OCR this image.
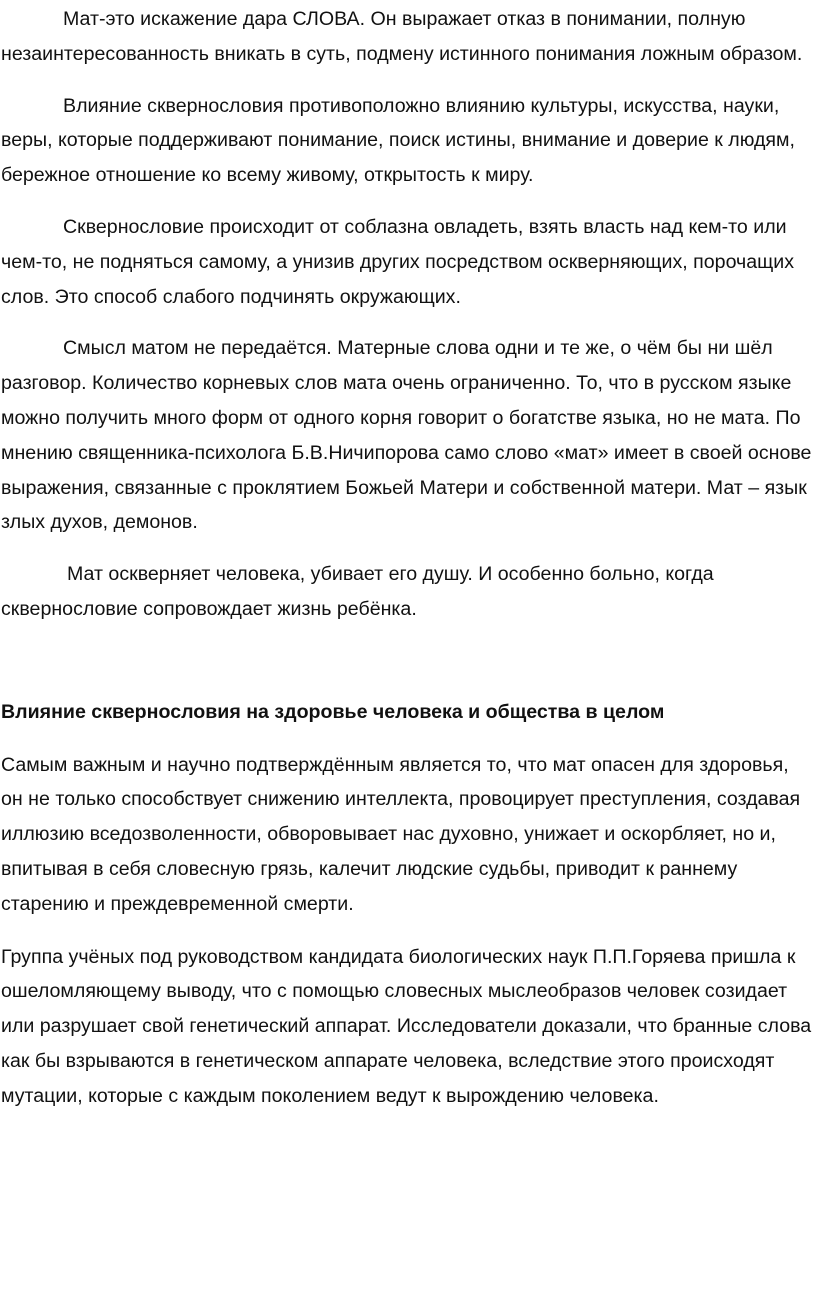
Мат-это искажение дара СЛОВА. Он выражает отказ в понимании, полную незаинтересованность вникать в суть, подмену истинного понимания ложным образом.

Влияние сквернословия противоположно влиянию культуры, искусства, науки, веры, которые поддерживают понимание, поиск истины, внимание и доверие к людям, бережное отношение ко всему живому, открытость к миру.

Сквернословие происходит от соблазна овладеть, взять власть над кем-то или чем-то, не подняться самому, а унизив других посредством оскверняющих, порочащих слов. Это способ слабого подчинять окружающих.

Смысл матом не передаётся. Матерные слова одни и те же, о чём бы ни шёл разговор. Количество корневых слов мата очень ограниченно. То, что в русском языке можно получить много форм от одного корня говорит о богатстве языка, но не мата. По мнению священника-психолога Б.В.Ничипорова само слово «мат» имеет в своей основе выражения, связанные с проклятием Божьей Матери и собственной матери. Мат – язык злых духов, демонов.

Мат оскверняет человека, убивает его душу. И особенно больно, когда сквернословие сопровождает жизнь ребёнка.

Влияние сквернословия на здоровье человека и общества в целом

Самым важным и научно подтверждённым является то, что мат опасен для здоровья, он не только способствует снижению интеллекта, провоцирует преступления, создавая иллюзию вседозволенности, обворовывает нас духовно, унижает и оскорбляет, но и, впитывая в себя словесную грязь, калечит людские судьбы, приводит к раннему старению и преждевременной смерти.

Группа учёных под руководством кандидата биологических наук П.П.Горяева пришла к ошеломляющему выводу, что с помощью словесных мыслеобразов человек созидает или разрушает свой генетический аппарат. Исследователи доказали, что бранные слова как бы взрываются в генетическом аппарате человека, вследствие этого происходят мутации, которые с каждым поколением ведут к вырождению человека.
